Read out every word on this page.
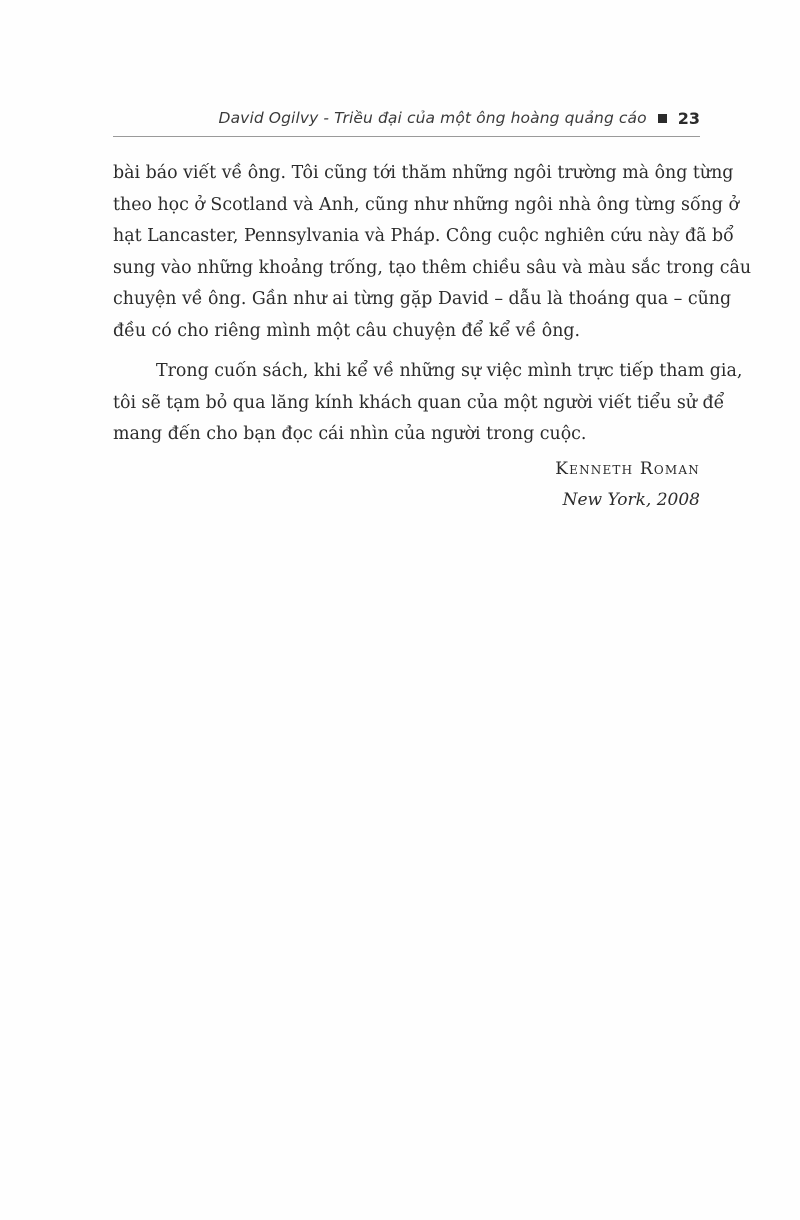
David Ogilvy - Triều đại của một ông hoàng quảng cáo 23
bài báo viết về ông. Tôi cũng tới thăm những ngôi trường mà ông từng
theo học ở Scotland và Anh, cũng như những ngôi nhà ông từng sống ở
hạt Lancaster, Pennsylvania và Pháp. Công cuộc nghiên cứu này đã bổ
sung vào những khoảng trống, tạo thêm chiều sâu và màu sắc trong câu
chuyện về ông. Gần như ai từng gặp David – dẫu là thoáng qua – cũng
đều có cho riêng mình một câu chuyện để kể về ông.
Trong cuốn sách, khi kể về những sự việc mình trực tiếp tham gia,
tôi sẽ tạm bỏ qua lăng kính khách quan của một người viết tiểu sử để
mang đến cho bạn đọc cái nhìn của người trong cuộc.
Kenneth Roman
New York, 2008
